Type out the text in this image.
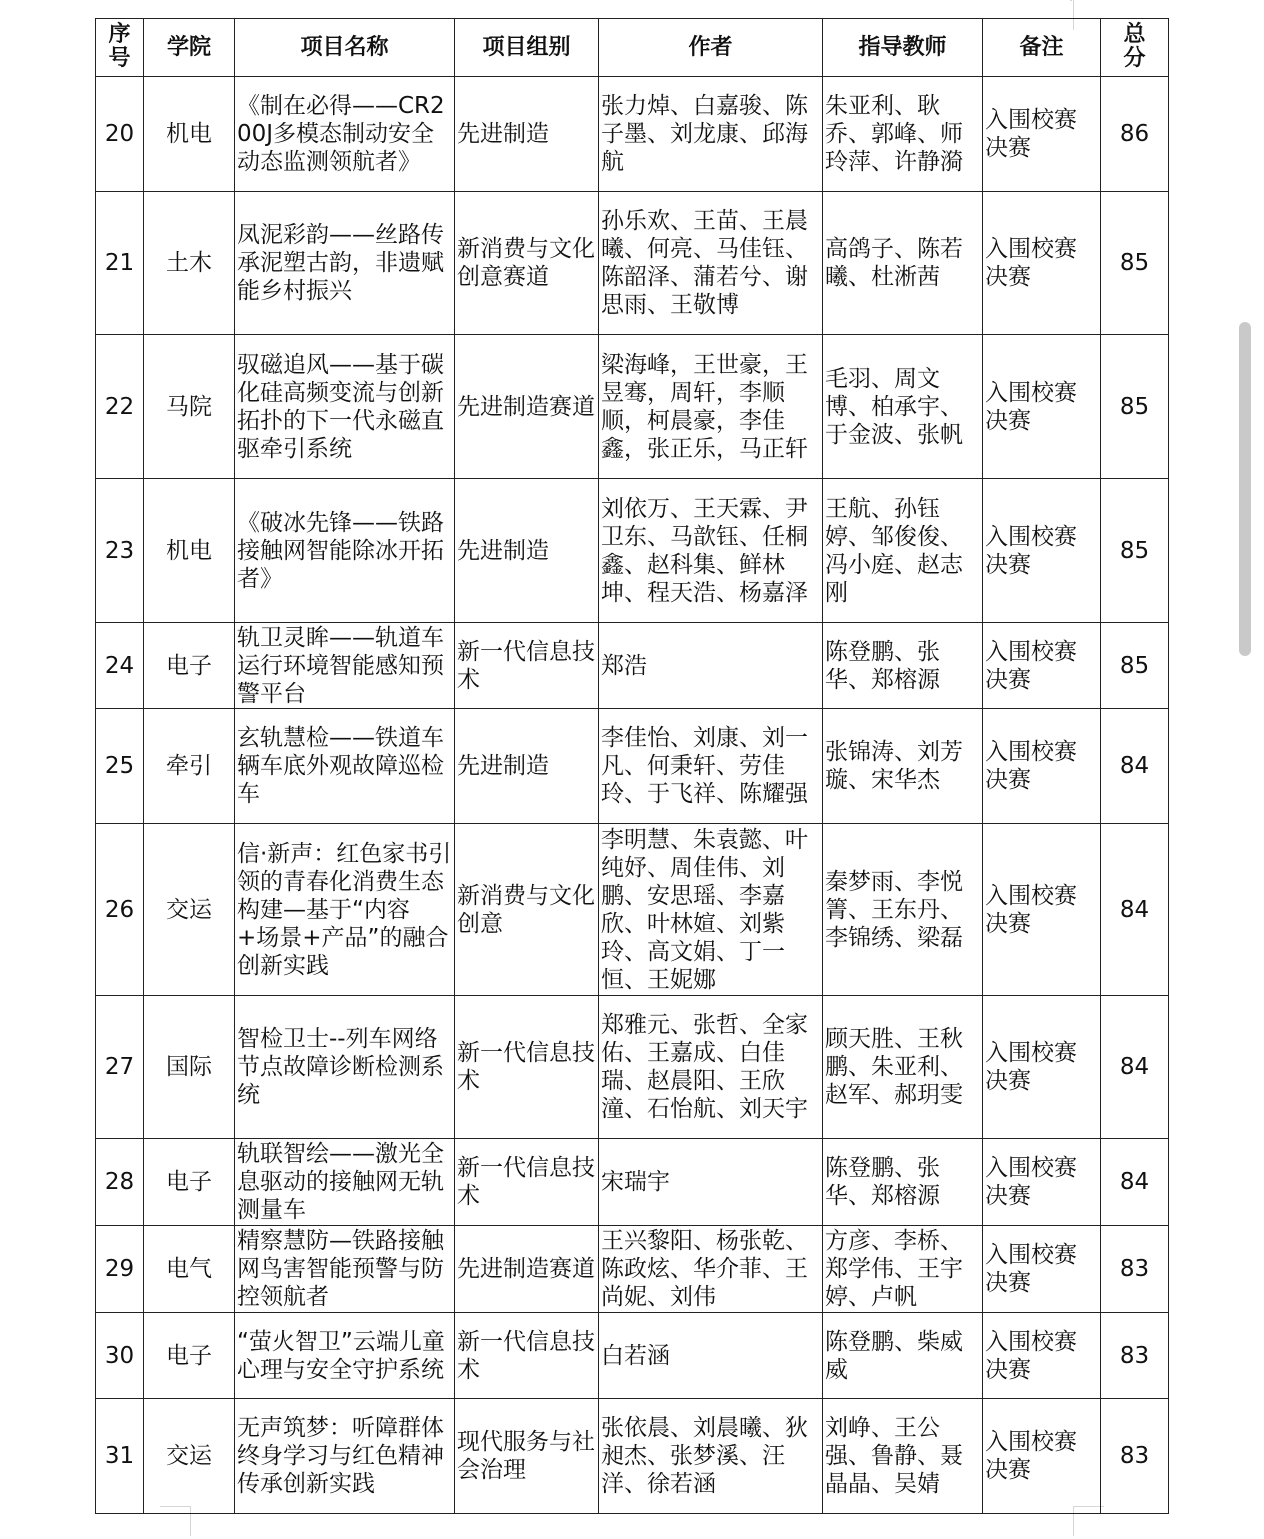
序号	学院	项目名称	项目组别	作者	指导教师	备注	总分
20	机电	《制在必得——CR200J多模态制动安全动态监测领航者》	先进制造	张力焯、白嘉骏、陈子墨、刘龙康、邱海航	朱亚利、耿乔、郭峰、师玲萍、许静漪	入围校赛决赛	86
21	土木	凤泥彩韵——丝路传承泥塑古韵，非遗赋能乡村振兴	新消费与文化创意赛道	孙乐欢、王苗、王晨曦、何亮、马佳钰、陈韶泽、蒲若兮、谢思雨、王敬博	高鸽子、陈若曦、杜淅茜	入围校赛决赛	85
22	马院	驭磁追风——基于碳化硅高频变流与创新拓扑的下一代永磁直驱牵引系统	先进制造赛道	梁海峰，王世豪，王昱骞，周轩，李顺顺，柯晨豪，李佳鑫，张正乐，马正轩	毛羽、周文博、柏承宇、于金波、张帆	入围校赛决赛	85
23	机电	《破冰先锋——铁路接触网智能除冰开拓者》	先进制造	刘依万、王天霖、尹卫东、马歆钰、任桐鑫、赵科集、鲜林坤、程天浩、杨嘉泽	王航、孙钰婷、邹俊俊、冯小庭、赵志刚	入围校赛决赛	85
24	电子	轨卫灵眸——轨道车运行环境智能感知预警平台	新一代信息技术	郑浩	陈登鹏、张华、郑榕源	入围校赛决赛	85
25	牵引	玄轨慧检——铁道车辆车底外观故障巡检车	先进制造	李佳怡、刘康、刘一凡、何秉轩、劳佳玲、于飞祥、陈耀强	张锦涛、刘芳璇、宋华杰	入围校赛决赛	84
26	交运	信·新声：红色家书引领的青春化消费生态构建—基于“内容+场景+产品”的融合创新实践	新消费与文化创意	李明慧、朱袁懿、叶纯妤、周佳伟、刘鹏、安思瑶、李嘉欣、叶林媗、刘紫玲、高文娟、丁一恒、王妮娜	秦梦雨、李悦箐、王东丹、李锦绣、梁磊	入围校赛决赛	84
27	国际	智检卫士--列车网络节点故障诊断检测系统	新一代信息技术	郑雅元、张哲、全家佑、王嘉成、白佳瑞、赵晨阳、王欣潼、石怡航、刘天宇	顾天胜、王秋鹏、朱亚利、赵军、郝玥雯	入围校赛决赛	84
28	电子	轨联智绘——激光全息驱动的接触网无轨测量车	新一代信息技术	宋瑞宇	陈登鹏、张华、郑榕源	入围校赛决赛	84
29	电气	精察慧防—铁路接触网鸟害智能预警与防控领航者	先进制造赛道	王兴黎阳、杨张乾、陈政炫、华介菲、王尚妮、刘伟	方彦、李桥、郑学伟、王宇婷、卢帆	入围校赛决赛	83
30	电子	“萤火智卫”云端儿童心理与安全守护系统	新一代信息技术	白若涵	陈登鹏、柴威威	入围校赛决赛	83
31	交运	无声筑梦：听障群体终身学习与红色精神传承创新实践	现代服务与社会治理	张依晨、刘晨曦、狄昶杰、张梦溪、汪洋、徐若涵	刘峥、王公强、鲁静、聂晶晶、吴婧	入围校赛决赛	83
